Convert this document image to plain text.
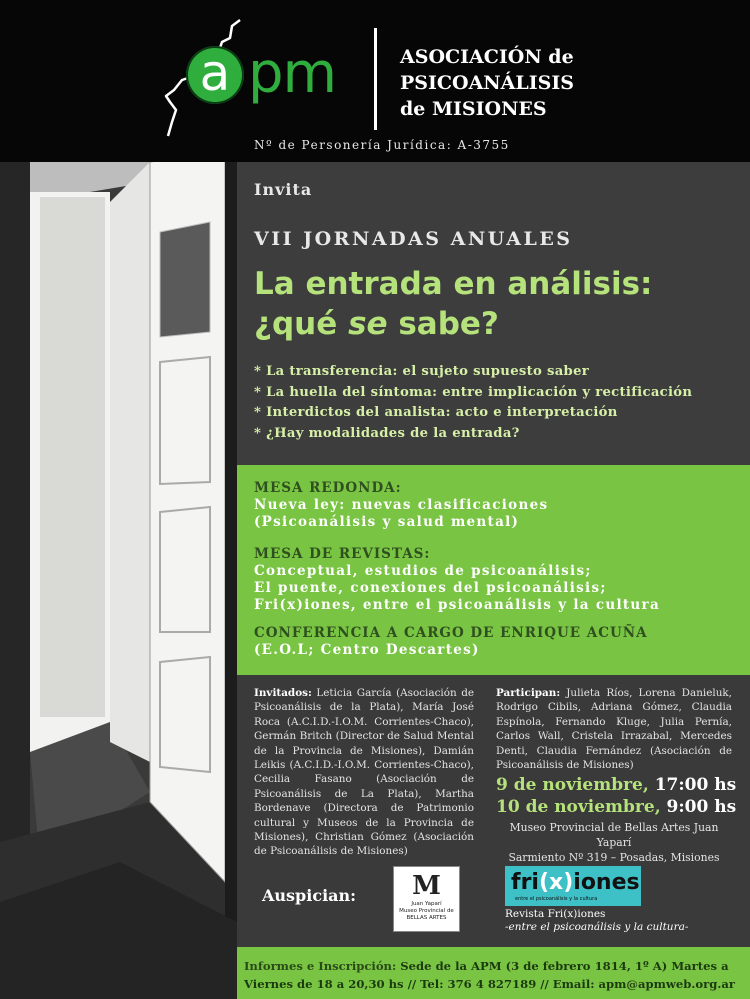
a pm	ASOCIACIÓN de
PSICOANÁLISIS
de MISIONES
Nº de Personería Jurídica: A-3755

Invita

VII JORNADAS ANUALES

La entrada en análisis:
¿qué se sabe?
* La transferencia: el sujeto supuesto saber
* La huella del síntoma: entre implicación y rectificación
* Interdictos del analista: acto e interpretación
* ¿Hay modalidades de la entrada?
MESA REDONDA:
Nueva ley: nuevas clasificaciones
(Psicoanálisis y salud mental)
MESA DE REVISTAS:
Conceptual, estudios de psicoanálisis;
El puente, conexiones del psicoanálisis;
Fri(x)iones, entre el psicoanálisis y la cultura
CONFERENCIA A CARGO DE ENRIQUE ACUÑA
(E.O.L; Centro Descartes)
Invitados: Leticia García (Asociación de Psicoanálisis de la Plata), María José Roca (A.C.I.D.-I.O.M. Corrientes-Chaco), Germán Britch (Director de Salud Mental de la Provincia de Misiones), Damián Leikis (A.C.I.D.-I.O.M. Corrientes-Chaco), Cecilia Fasano (Asociación de Psicoanálisis de La Plata), Martha Bordenave (Directora de Patrimonio cultural y Museos de la Provincia de Misiones), Christian Gómez (Asociación de Psicoanálisis de Misiones)
Participan: Julieta Ríos, Lorena Danieluk, Rodrigo Cibils, Adriana Gómez, Claudia Espínola, Fernando Kluge, Julia Pernía, Carlos Wall, Cristela Irrazabal, Mercedes Denti, Claudia Fernández (Asociación de Psicoanálisis de Misiones)
9 de noviembre, 17:00 hs
10 de noviembre, 9:00 hs
Museo Provincial de Bellas Artes Juan Yaparí
Sarmiento Nº 319 – Posadas, Misiones
Auspician:	M
Juan Yaparí
Museo Provincial de
BELLAS ARTES
fri(x)iones
entre el psicoanálisis y la cultura
Revista Fri(x)iones
-entre el psicoanálisis y la cultura-
Informes e Inscripción: Sede de la APM (3 de febrero 1814, 1º A) Martes a
Viernes de 18 a 20,30 hs // Tel: 376 4 827189 // Email: apm@apmweb.org.ar
